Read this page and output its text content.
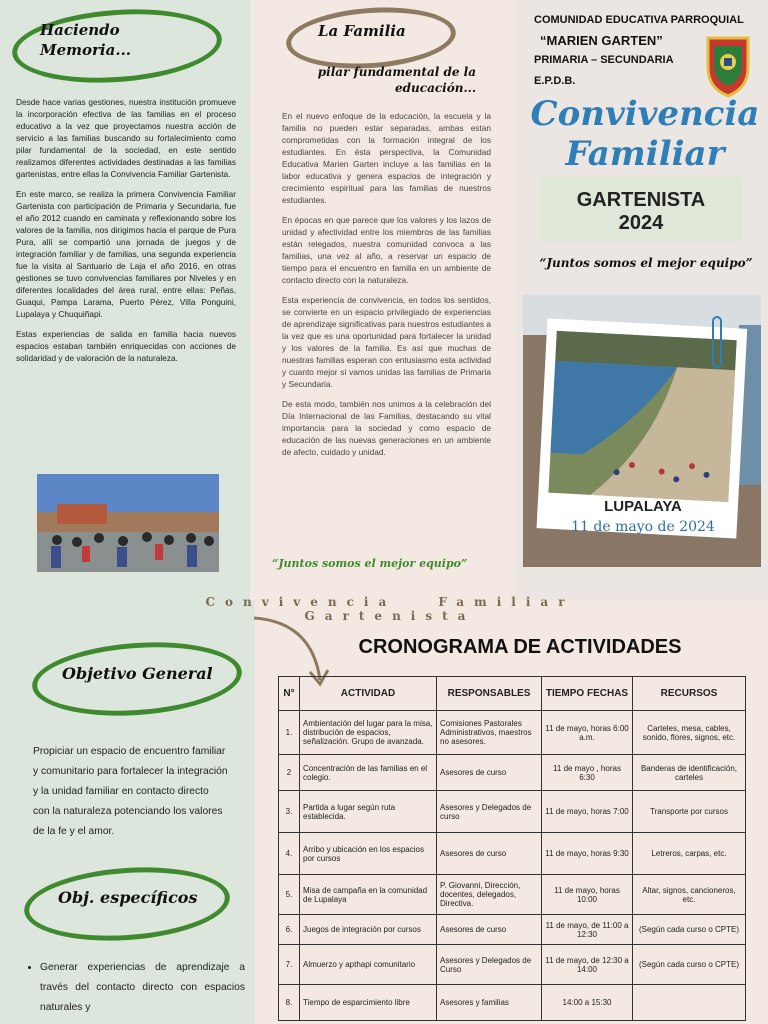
Haciendo Memoria...

Desde hace varias gestiones, nuestra institución promueve la incorporación efectiva de las familias en el proceso educativo a la vez que proyectamos nuestra acción de servicio a las familias buscando su fortalecimiento como pilar fundamental de la sociedad, en este sentido realizamos diferentes actividades destinadas a las familias gartenistas, entre ellas la Convivencia Familiar Gartenista.

En este marco, se realiza la primera Convivencia Familiar Gartenista con participación de Primaria y Secundaria, fue el año 2012 cuando en caminata y reflexionando sobre los valores de la familia, nos dirigimos hacia el parque de Pura Pura, allí se compartió una jornada de juegos y de integración familiar y de familias, una segunda experiencia fue la visita al Santuario de Laja el año 2016, en otras gestiones se tuvo convivencias familiares por Niveles y en diferentes localidades del área rural, entre ellas: Peñas, Guaqui, Pampa Larama, Puerto Pérez, Villa Ponguini, Lupalaya y Chuquiñapi.

Estas experiencias de salida en familia hacia nuevos espacios estaban también enriquecidas con acciones de solidaridad y de valoración de la naturaleza.

La Familia
pilar fundamental de la educación...

En el nuevo enfoque de la educación, la escuela y la familia no pueden estar separadas, ambas estan comprometidas con la formación integral de los estudiantes. En ésta perspectiva, la Comunidad Educativa Marien Garten incluye a las familias en la labor educativa y genera espacios de integración y crecimiento espiritual para las familias de nuestros estudiantes.

En épocas en que parece que los valores y los lazos de unidad y afectividad entre los miembros de las familias están relegados, nuestra comunidad convoca a las familias, una vez al año, a reservar un espacio de tiempo para el encuentro en familia en un ambiente de contacto directo con la naturaleza.

Esta experiencia de convivencia, en todos los sentidos, se convierte en un espacio privilegiado de experiencias de aprendizaje significativas para nuestros estudiantes a la vez que es una oportunidad para fortalecer la unidad y los valores de la familia. Es así que muchas de nuestras familias esperan con entusiasmo esta actividad y cuanto mejor si vamos unidas las familias de Primaria y Secundaria.

De esta modo, también nos unimos a la celebración del Día Internacional de las Familias, destacando su vital importancia para la sociedad y como espacio de educación de las nuevas generaciones en un ambiente de afecto, cuidado y unidad.

“Juntos somos el mejor equipo”
COMUNIDAD EDUCATIVA PARROQUIAL
“MARIEN GARTEN”
PRIMARIA – SECUNDARIA
E.P.D.B.
Convivencia
Familiar
GARTENISTA
2024
“Juntos somos el mejor equipo”
LUPALAYA
11 de mayo de 2024
Convivencia Familiar Gartenista
Objetivo General
Propiciar un espacio de encuentro familiar y comunitario para fortalecer la integración y la unidad familiar en contacto directo con la naturaleza potenciando los valores de la fe y el amor.
Obj. específicos
• Generar experiencias de aprendizaje a través del contacto directo con espacios naturales y
CRONOGRAMA DE ACTIVIDADES
N°	ACTIVIDAD	RESPONSABLES	TIEMPO FECHAS	RECURSOS
1.	Ambientación del lugar para la misa, distribución de espacios, señalización. Grupo de avanzada.	Comisiones Pastorales Administrativos, maestros no asesores.	11 de mayo, horas 6:00 a.m.	Carteles, mesa, cables, sonido, flores, signos, etc.
2	Concentración de las familias en el colegio.	Asesores de curso	11 de mayo , horas 6:30	Banderas de identificación, carteles
3.	Partida a lugar según ruta establecida.	Asesores y Delegados de curso	11 de mayo, horas 7:00	Transporte por cursos
4.	Arribo y ubicación en los espacios por cursos	Asesores de curso	11 de mayo, horas 9:30	Letreros, carpas, etc.
5.	Misa de campaña en la comunidad de Lupalaya	P. Giovanni, Dirección, docentes, delegados, Directiva.	11 de mayo, horas 10:00	Altar, signos, cancioneros, etc.
6.	Juegos de integración por cursos	Asesores de curso	11 de mayo, de 11:00 a 12:30	(Según cada curso o CPTE)
7.	Almuerzo y apthapi comunitario	Asesores y Delegados de Curso	11 de mayo, de 12:30 a 14:00	(Según cada curso o CPTE)
8.	Tiempo de esparcimiento libre	Asesores y familias	14:00 a 15:30	
